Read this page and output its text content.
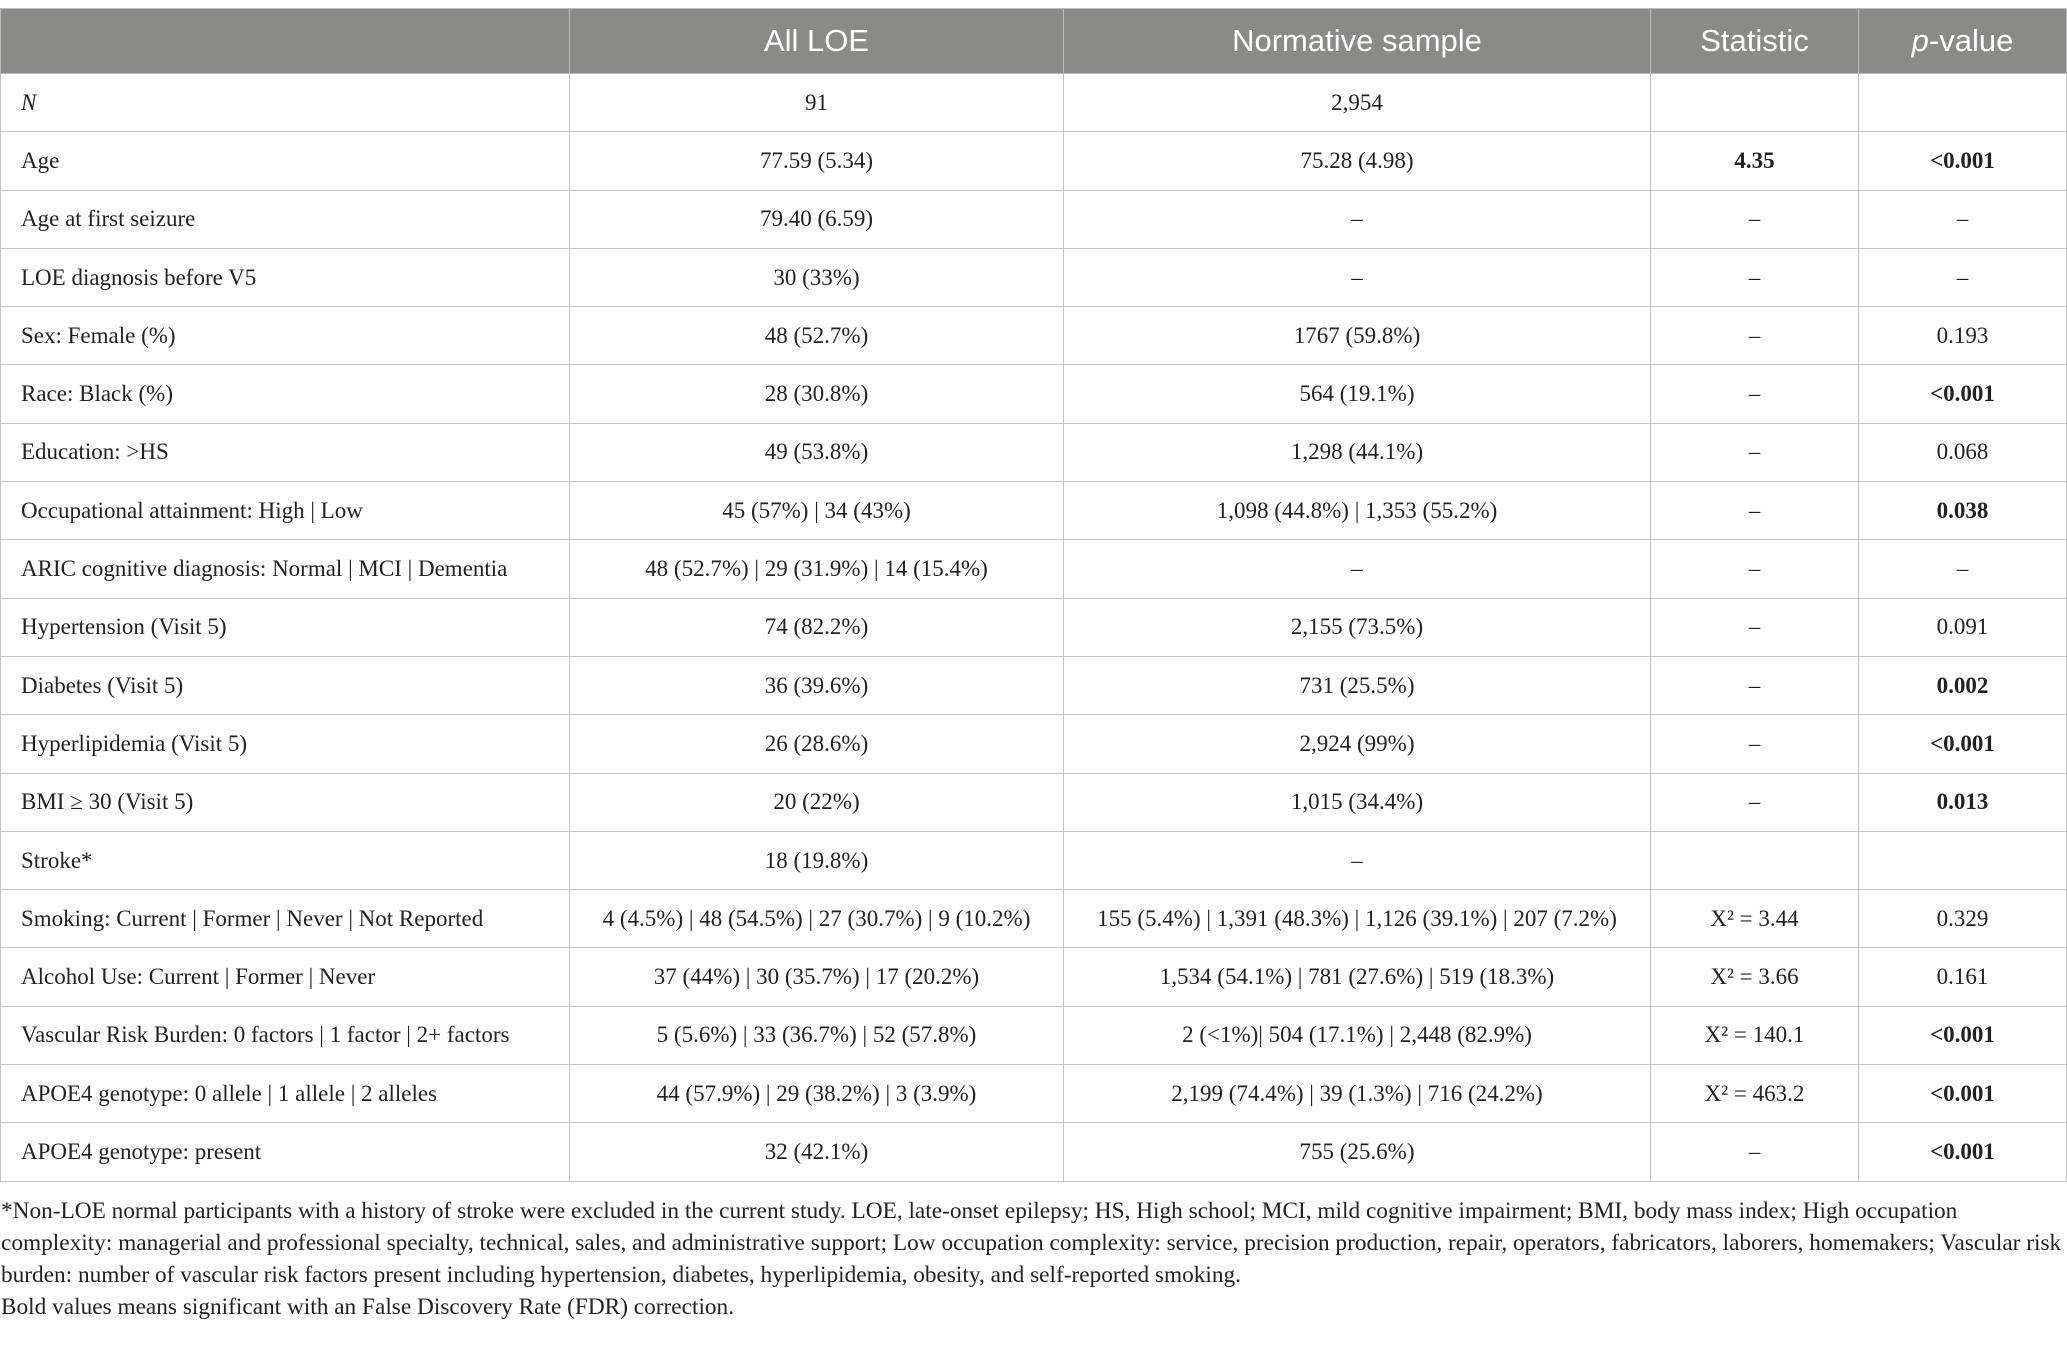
	All LOE	Normative sample	Statistic	p-value
N	91	2,954		
Age	77.59 (5.34)	75.28 (4.98)	4.35	<0.001
Age at first seizure	79.40 (6.59)	–	–	–
LOE diagnosis before V5	30 (33%)	–	–	–
Sex: Female (%)	48 (52.7%)	1767 (59.8%)	–	0.193
Race: Black (%)	28 (30.8%)	564 (19.1%)	–	<0.001
Education: >HS	49 (53.8%)	1,298 (44.1%)	–	0.068
Occupational attainment: High | Low	45 (57%) | 34 (43%)	1,098 (44.8%) | 1,353 (55.2%)	–	0.038
ARIC cognitive diagnosis: Normal | MCI | Dementia	48 (52.7%) | 29 (31.9%) | 14 (15.4%)	–	–	–
Hypertension (Visit 5)	74 (82.2%)	2,155 (73.5%)	–	0.091
Diabetes (Visit 5)	36 (39.6%)	731 (25.5%)	–	0.002
Hyperlipidemia (Visit 5)	26 (28.6%)	2,924 (99%)	–	<0.001
BMI ≥ 30 (Visit 5)	20 (22%)	1,015 (34.4%)	–	0.013
Stroke*	18 (19.8%)	–		
Smoking: Current | Former | Never | Not Reported	4 (4.5%) | 48 (54.5%) | 27 (30.7%) | 9 (10.2%)	155 (5.4%) | 1,391 (48.3%) | 1,126 (39.1%) | 207 (7.2%)	X² = 3.44	0.329
Alcohol Use: Current | Former | Never	37 (44%) | 30 (35.7%) | 17 (20.2%)	1,534 (54.1%) | 781 (27.6%) | 519 (18.3%)	X² = 3.66	0.161
Vascular Risk Burden: 0 factors | 1 factor | 2+ factors	5 (5.6%) | 33 (36.7%) | 52 (57.8%)	2 (<1%)| 504 (17.1%) | 2,448 (82.9%)	X² = 140.1	<0.001
APOE4 genotype: 0 allele | 1 allele | 2 alleles	44 (57.9%) | 29 (38.2%) | 3 (3.9%)	2,199 (74.4%) | 39 (1.3%) | 716 (24.2%)	X² = 463.2	<0.001
APOE4 genotype: present	32 (42.1%)	755 (25.6%)	–	<0.001

*Non-LOE normal participants with a history of stroke were excluded in the current study. LOE, late-onset epilepsy; HS, High school; MCI, mild cognitive impairment; BMI, body mass index; High occupation complexity: managerial and professional specialty, technical, sales, and administrative support; Low occupation complexity: service, precision production, repair, operators, fabricators, laborers, homemakers; Vascular risk burden: number of vascular risk factors present including hypertension, diabetes, hyperlipidemia, obesity, and self-reported smoking.

Bold values means significant with an False Discovery Rate (FDR) correction.
